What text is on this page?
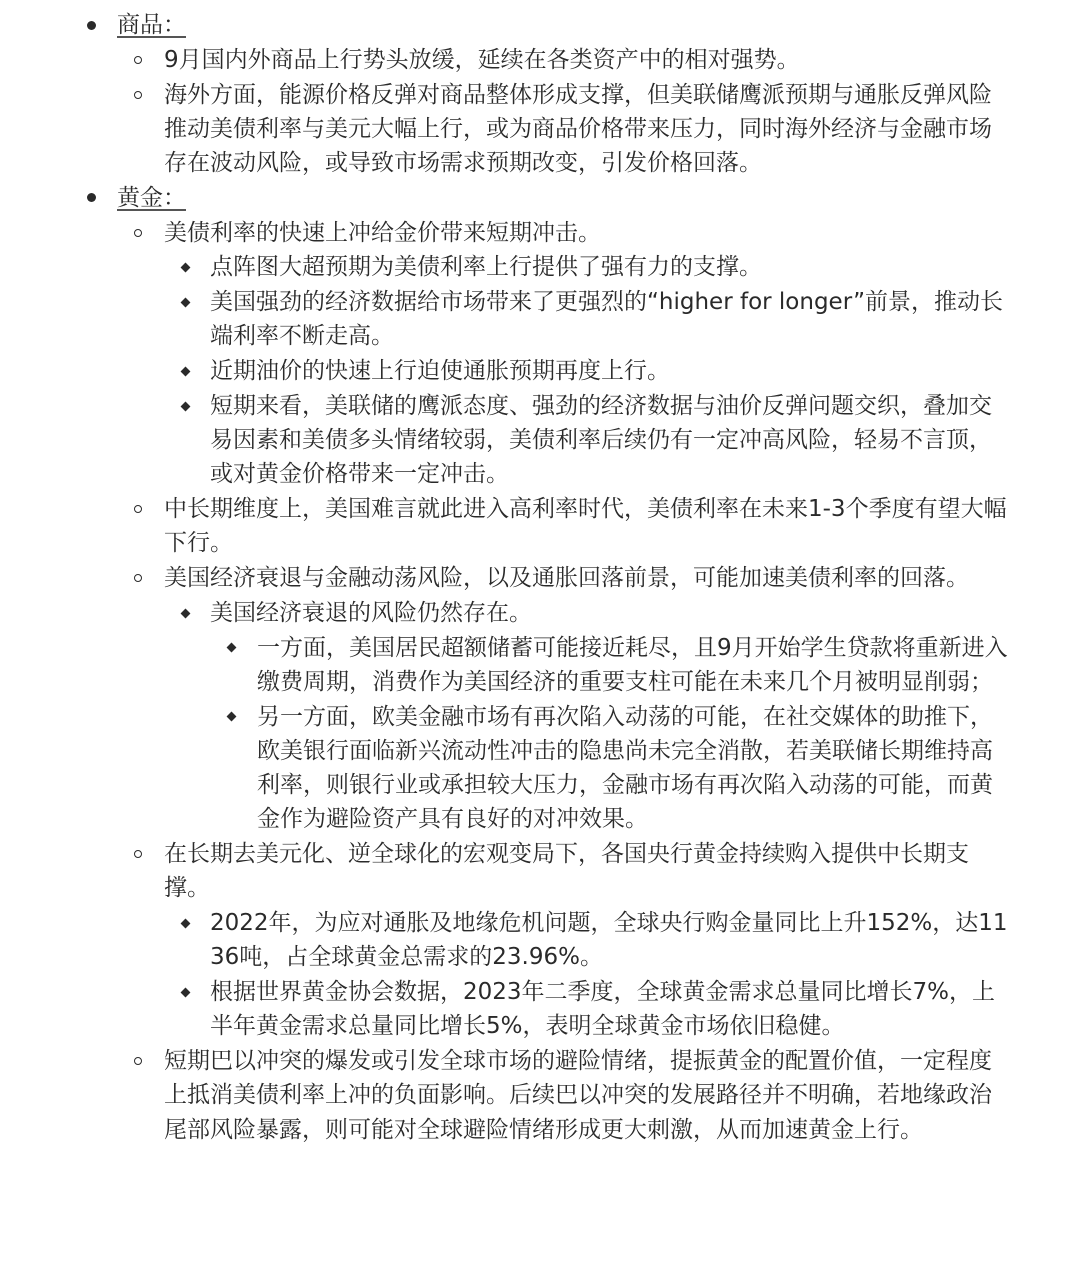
商品：
9月国内外商品上行势头放缓，延续在各类资产中的相对强势。
海外方面，能源价格反弹对商品整体形成支撑，但美联储鹰派预期与通胀反弹风险推动美债利率与美元大幅上行，或为商品价格带来压力，同时海外经济与金融市场存在波动风险，或导致市场需求预期改变，引发价格回落。
黄金：
美债利率的快速上冲给金价带来短期冲击。
点阵图大超预期为美债利率上行提供了强有力的支撑。
美国强劲的经济数据给市场带来了更强烈的“higher for longer”前景，推动长端利率不断走高。
近期油价的快速上行迫使通胀预期再度上行。
短期来看，美联储的鹰派态度、强劲的经济数据与油价反弹问题交织，叠加交易因素和美债多头情绪较弱，美债利率后续仍有一定冲高风险，轻易不言顶，或对黄金价格带来一定冲击。
中长期维度上，美国难言就此进入高利率时代，美债利率在未来1-3个季度有望大幅下行。
美国经济衰退与金融动荡风险，以及通胀回落前景，可能加速美债利率的回落。
美国经济衰退的风险仍然存在。
一方面，美国居民超额储蓄可能接近耗尽，且9月开始学生贷款将重新进入缴费周期，消费作为美国经济的重要支柱可能在未来几个月被明显削弱；
另一方面，欧美金融市场有再次陷入动荡的可能，在社交媒体的助推下，欧美银行面临新兴流动性冲击的隐患尚未完全消散，若美联储长期维持高利率，则银行业或承担较大压力，金融市场有再次陷入动荡的可能，而黄金作为避险资产具有良好的对冲效果。
在长期去美元化、逆全球化的宏观变局下，各国央行黄金持续购入提供中长期支撑。
2022年，为应对通胀及地缘危机问题，全球央行购金量同比上升152%，达1136吨，占全球黄金总需求的23.96%。
根据世界黄金协会数据，2023年二季度，全球黄金需求总量同比增长7%，上半年黄金需求总量同比增长5%，表明全球黄金市场依旧稳健。
短期巴以冲突的爆发或引发全球市场的避险情绪，提振黄金的配置价值，一定程度上抵消美债利率上冲的负面影响。后续巴以冲突的发展路径并不明确，若地缘政治尾部风险暴露，则可能对全球避险情绪形成更大刺激，从而加速黄金上行。
